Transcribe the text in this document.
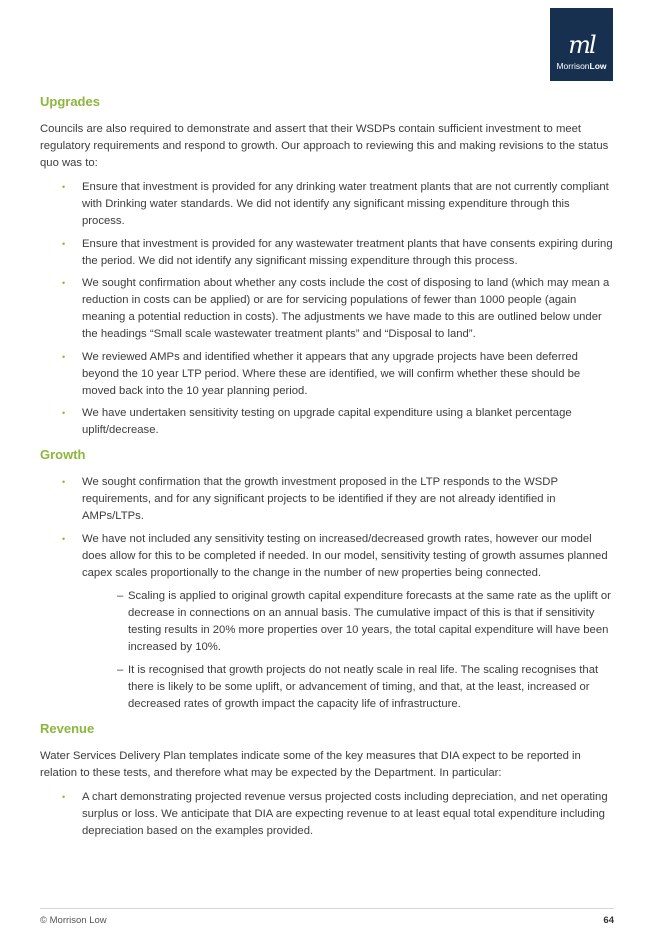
ml
MorrisonLow
Upgrades

Councils are also required to demonstrate and assert that their WSDPs contain sufficient investment to meet regulatory requirements and respond to growth. Our approach to reviewing this and making revisions to the status quo was to:

• Ensure that investment is provided for any drinking water treatment plants that are not currently compliant with Drinking water standards. We did not identify any significant missing expenditure through this process.
• Ensure that investment is provided for any wastewater treatment plants that have consents expiring during the period. We did not identify any significant missing expenditure through this process.
• We sought confirmation about whether any costs include the cost of disposing to land (which may mean a reduction in costs can be applied) or are for servicing populations of fewer than 1000 people (again meaning a potential reduction in costs). The adjustments we have made to this are outlined below under the headings “Small scale wastewater treatment plants” and “Disposal to land”.
• We reviewed AMPs and identified whether it appears that any upgrade projects have been deferred beyond the 10 year LTP period. Where these are identified, we will confirm whether these should be moved back into the 10 year planning period.
• We have undertaken sensitivity testing on upgrade capital expenditure using a blanket percentage uplift/decrease.
Growth
• We sought confirmation that the growth investment proposed in the LTP responds to the WSDP requirements, and for any significant projects to be identified if they are not already identified in AMPs/LTPs.
• We have not included any sensitivity testing on increased/decreased growth rates, however our model does allow for this to be completed if needed. In our model, sensitivity testing of growth assumes planned capex scales proportionally to the change in the number of new properties being connected.
– Scaling is applied to original growth capital expenditure forecasts at the same rate as the uplift or decrease in connections on an annual basis. The cumulative impact of this is that if sensitivity testing results in 20% more properties over 10 years, the total capital expenditure will have been increased by 10%.
– It is recognised that growth projects do not neatly scale in real life. The scaling recognises that there is likely to be some uplift, or advancement of timing, and that, at the least, increased or decreased rates of growth impact the capacity life of infrastructure.
Revenue

Water Services Delivery Plan templates indicate some of the key measures that DIA expect to be reported in relation to these tests, and therefore what may be expected by the Department. In particular:

• A chart demonstrating projected revenue versus projected costs including depreciation, and net operating surplus or loss. We anticipate that DIA are expecting revenue to at least equal total expenditure including depreciation based on the examples provided.
© Morrison Low	64
